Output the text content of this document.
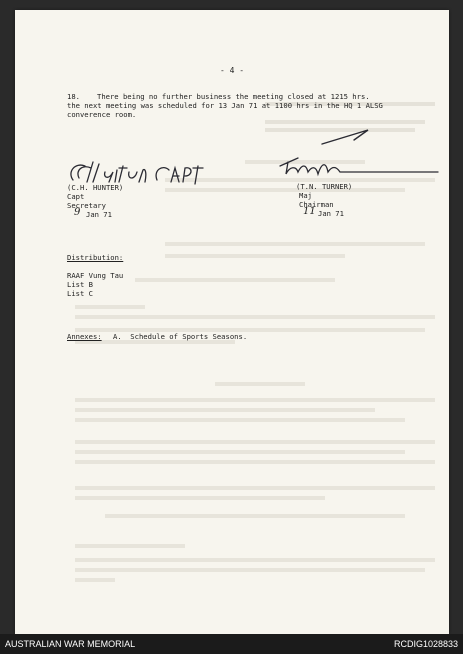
- 4 -
18. There being no further business the meeting closed at 1215 hrs.
the next meeting was scheduled for 13 Jan 71 at 1100 hrs in the HQ 1 ALSG
converence room.
(C.H. HUNTER)
Capt
Secretary
9 Jan 71
(T.N. TURNER)
Maj
Chairman
11 Jan 71
Distribution:
RAAF Vung Tau
List B
List C
Annexes: A.  Schedule of Sports Seasons.
AUSTRALIAN WAR MEMORIAL	RCDIG1028833
